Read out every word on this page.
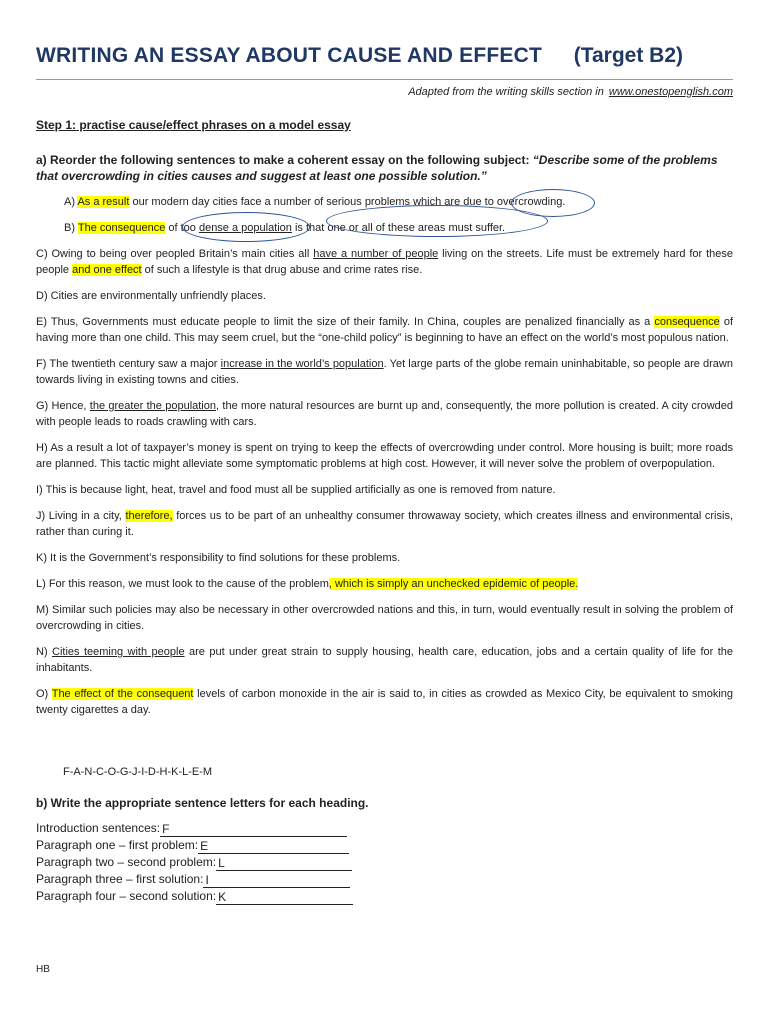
WRITING AN ESSAY ABOUT CAUSE AND EFFECT (Target B2)
Adapted from the writing skills section in www.onestopenglish.com
Step 1: practise cause/effect phrases on a model essay
a) Reorder the following sentences to make a coherent essay on the following subject: “Describe some of the problems that overcrowding in cities causes and suggest at least one possible solution.”
A) As a result our modern day cities face a number of serious problems which are due to overcrowding.
B) The consequence of too dense a population is that one or all of these areas must suffer.
C) Owing to being over peopled Britain’s main cities all have a number of people living on the streets. Life must be extremely hard for these people and one effect of such a lifestyle is that drug abuse and crime rates rise.
D) Cities are environmentally unfriendly places.
E) Thus, Governments must educate people to limit the size of their family. In China, couples are penalized financially as a consequence of having more than one child. This may seem cruel, but the “one-child policy” is beginning to have an effect on the world’s most populous nation.
F) The twentieth century saw a major increase in the world’s population. Yet large parts of the globe remain uninhabitable, so people are drawn towards living in existing towns and cities.
G) Hence, the greater the population, the more natural resources are burnt up and, consequently, the more pollution is created. A city crowded with people leads to roads crawling with cars.
H) As a result a lot of taxpayer’s money is spent on trying to keep the effects of overcrowding under control. More housing is built; more roads are planned. This tactic might alleviate some symptomatic problems at high cost. However, it will never solve the problem of overpopulation.
I) This is because light, heat, travel and food must all be supplied artificially as one is removed from nature.
J) Living in a city, therefore, forces us to be part of an unhealthy consumer throwaway society, which creates illness and environmental crisis, rather than curing it.
K) It is the Government’s responsibility to find solutions for these problems.
L) For this reason, we must look to the cause of the problem, which is simply an unchecked epidemic of people.
M) Similar such policies may also be necessary in other overcrowded nations and this, in turn, would eventually result in solving the problem of overcrowding in cities.
N) Cities teeming with people are put under great strain to supply housing, health care, education, jobs and a certain quality of life for the inhabitants.
O) The effect of the consequent levels of carbon monoxide in the air is said to, in cities as crowded as Mexico City, be equivalent to smoking twenty cigarettes a day.
F-A-N-C-O-G-J-I-D-H-K-L-E-M
b) Write the appropriate sentence letters for each heading.
Introduction sentences: F
Paragraph one – first problem: E
Paragraph two – second problem: L
Paragraph three – first solution: I
Paragraph four – second solution: K
HB
